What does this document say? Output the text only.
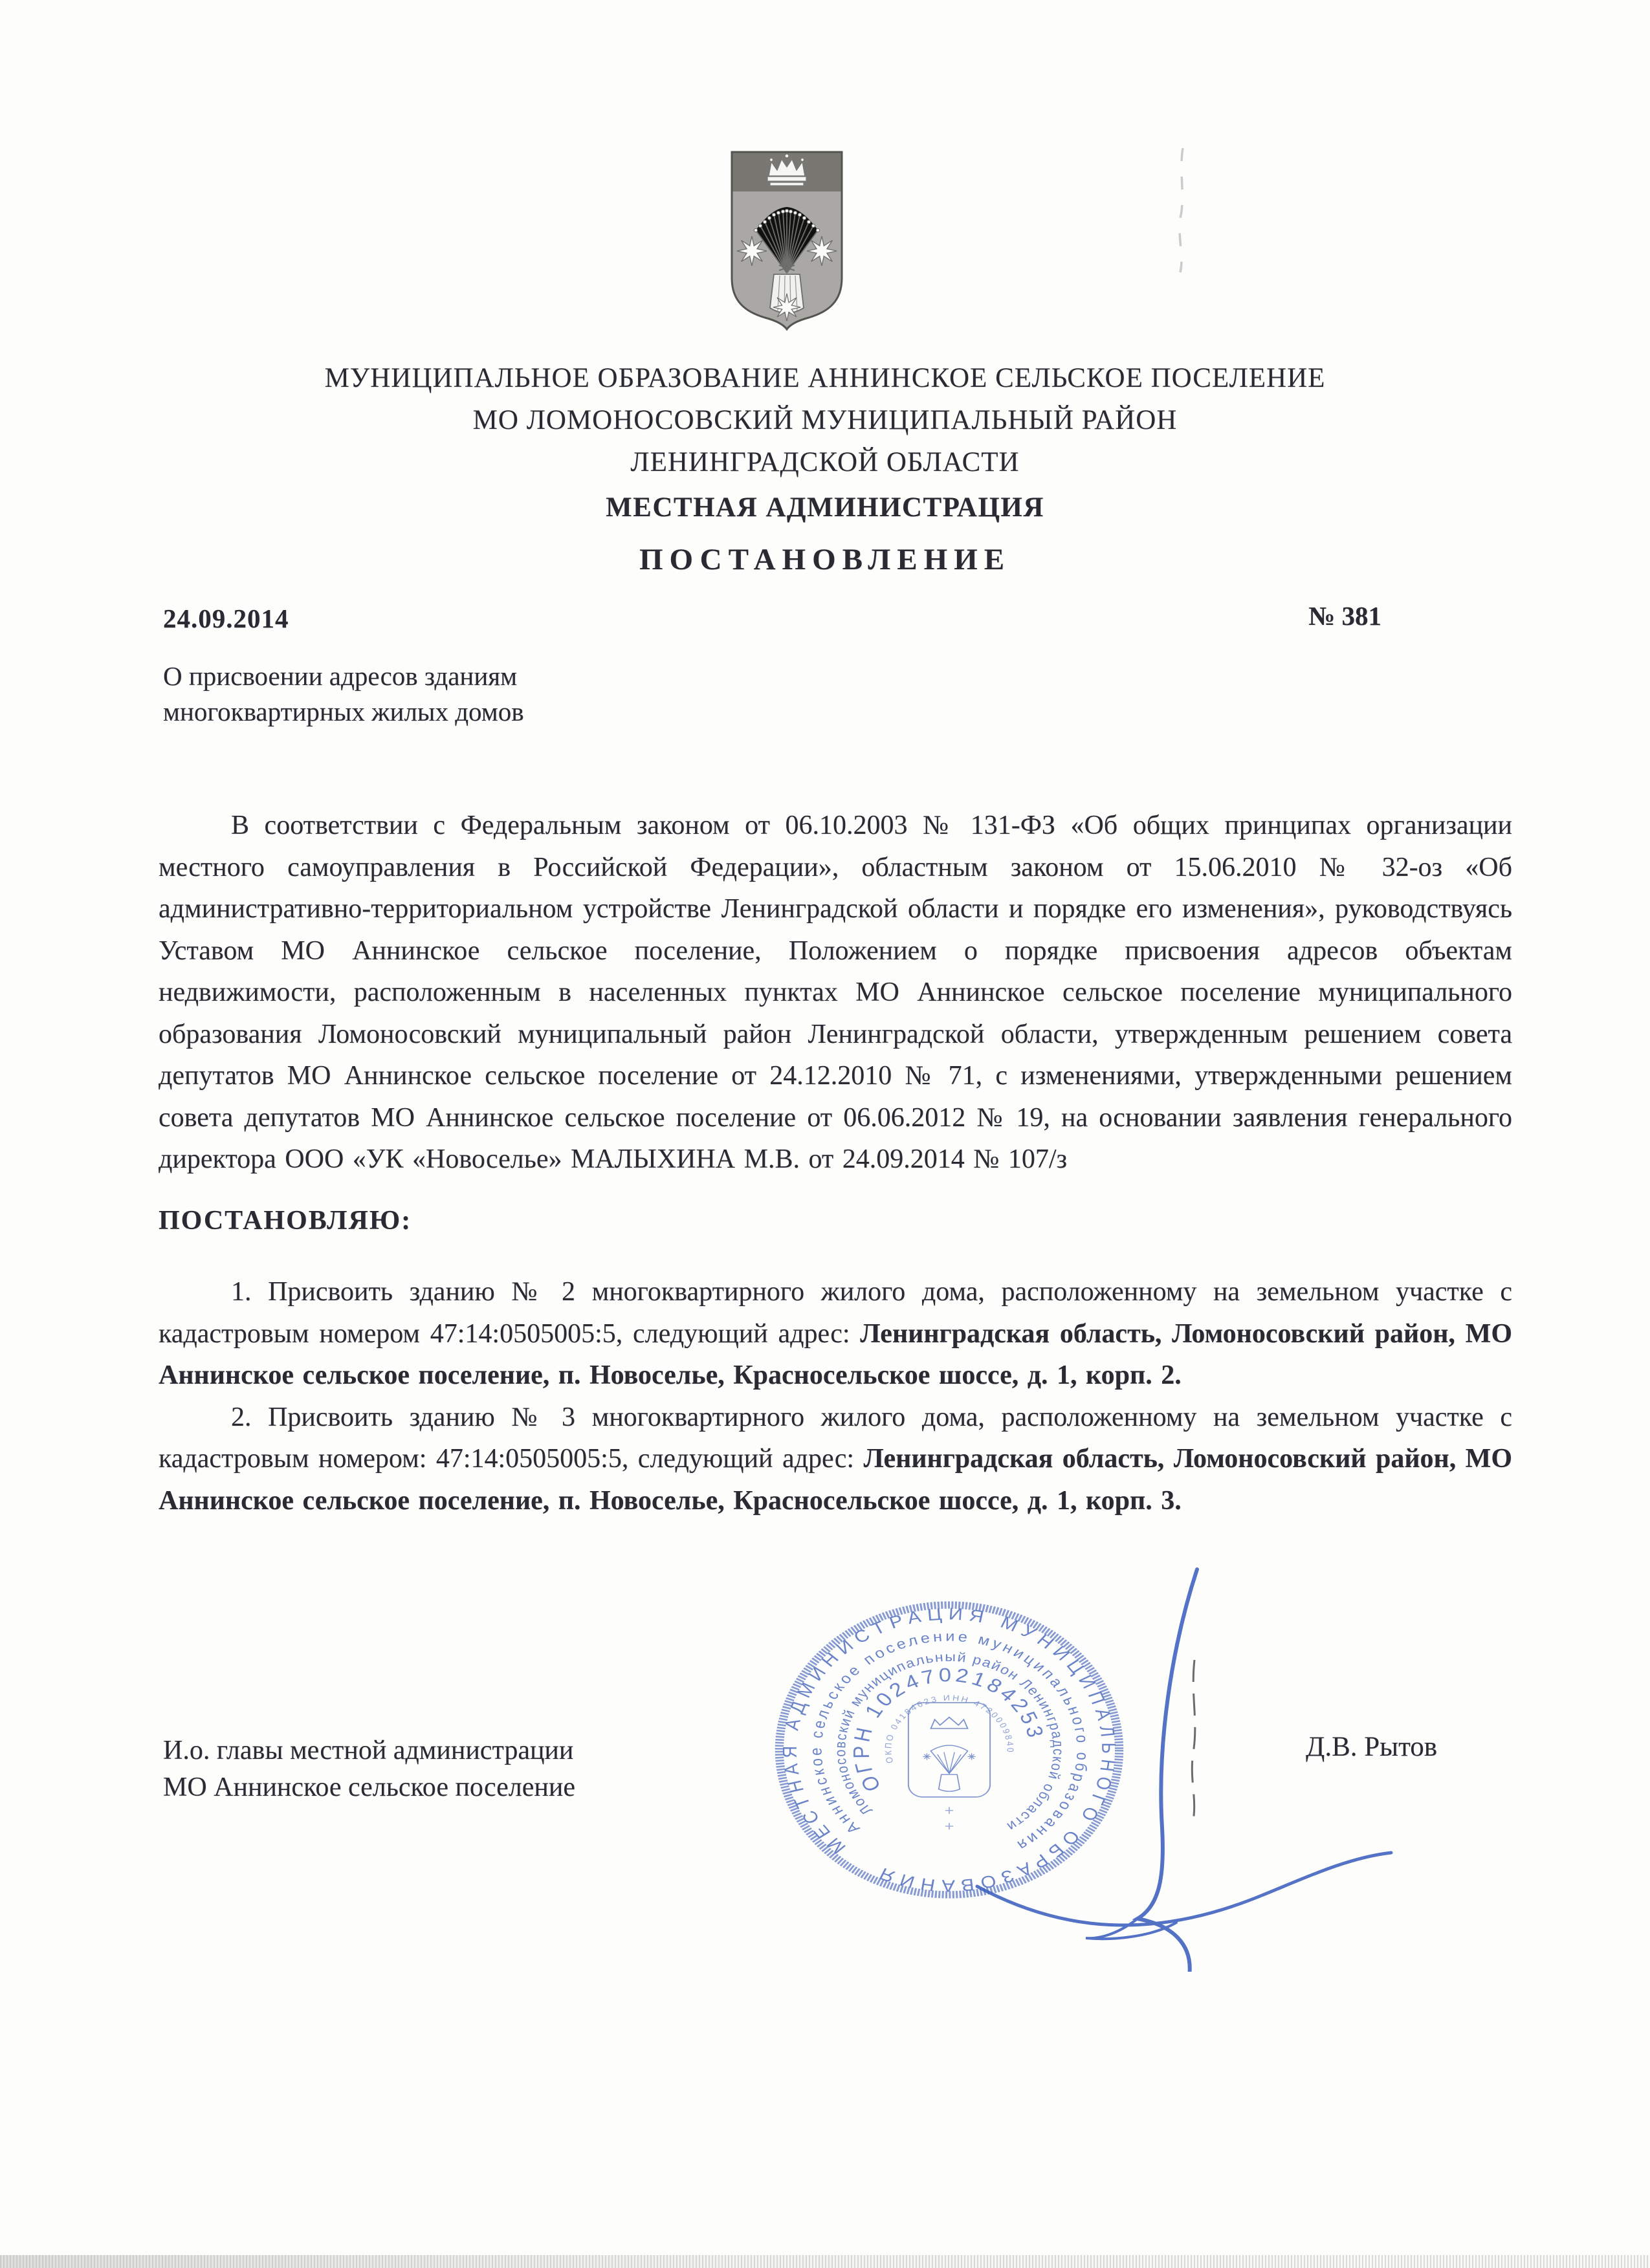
МУНИЦИПАЛЬНОЕ ОБРАЗОВАНИЕ АННИНСКОЕ СЕЛЬСКОЕ ПОСЕЛЕНИЕ
МО ЛОМОНОСОВСКИЙ МУНИЦИПАЛЬНЫЙ РАЙОН
ЛЕНИНГРАДСКОЙ ОБЛАСТИ
МЕСТНАЯ АДМИНИСТРАЦИЯ
ПОСТАНОВЛЕНИЕ
24.09.2014	№ 381
О присвоении адресов зданиям многоквартирных жилых домов

В соответствии с Федеральным законом от 06.10.2003 № 131-ФЗ «Об общих принципах организации местного самоуправления в Российской Федерации», областным законом от 15.06.2010 № 32-оз «Об административно-территориальном устройстве Ленинградской области и порядке его изменения», руководствуясь Уставом МО Аннинское сельское поселение, Положением о порядке присвоения адресов объектам недвижимости, расположенным в населенных пунктах МО Аннинское сельское поселение муниципального образования Ломоносовский муниципальный район Ленинградской области, утвержденным решением совета депутатов МО Аннинское сельское поселение от 24.12.2010 № 71, с изменениями, утвержденными решением совета депутатов МО Аннинское сельское поселение от 06.06.2012 № 19, на основании заявления генерального директора ООО «УК «Новоселье» МАЛЫХИНА М.В. от 24.09.2014 № 107/з

ПОСТАНОВЛЯЮ:

1. Присвоить зданию № 2 многоквартирного жилого дома, расположенному на земельном участке с кадастровым номером 47:14:0505005:5, следующий адрес: Ленинградская область, Ломоносовский район, МО Аннинское сельское поселение, п. Новоселье, Красносельское шоссе, д. 1, корп. 2.

2. Присвоить зданию № 3 многоквартирного жилого дома, расположенному на земельном участке с кадастровым номером: 47:14:0505005:5, следующий адрес: Ленинградская область, Ломоносовский район, МО Аннинское сельское поселение, п. Новоселье, Красносельское шоссе, д. 1, корп. 3.

И.о. главы местной администрации
МО Аннинское сельское поселение
Д.В. Рытов
МЕСТНАЯ АДМИНИСТРАЦИЯ МУНИЦИПАЛЬНОГО ОБРАЗОВАНИЯ
Аннинское сельское поселение муниципального образования
Ломоносовский муниципальный район Ленинградской области
ОГРН 1024702184253
ОКПО 04184623 ИНН 4720009840
